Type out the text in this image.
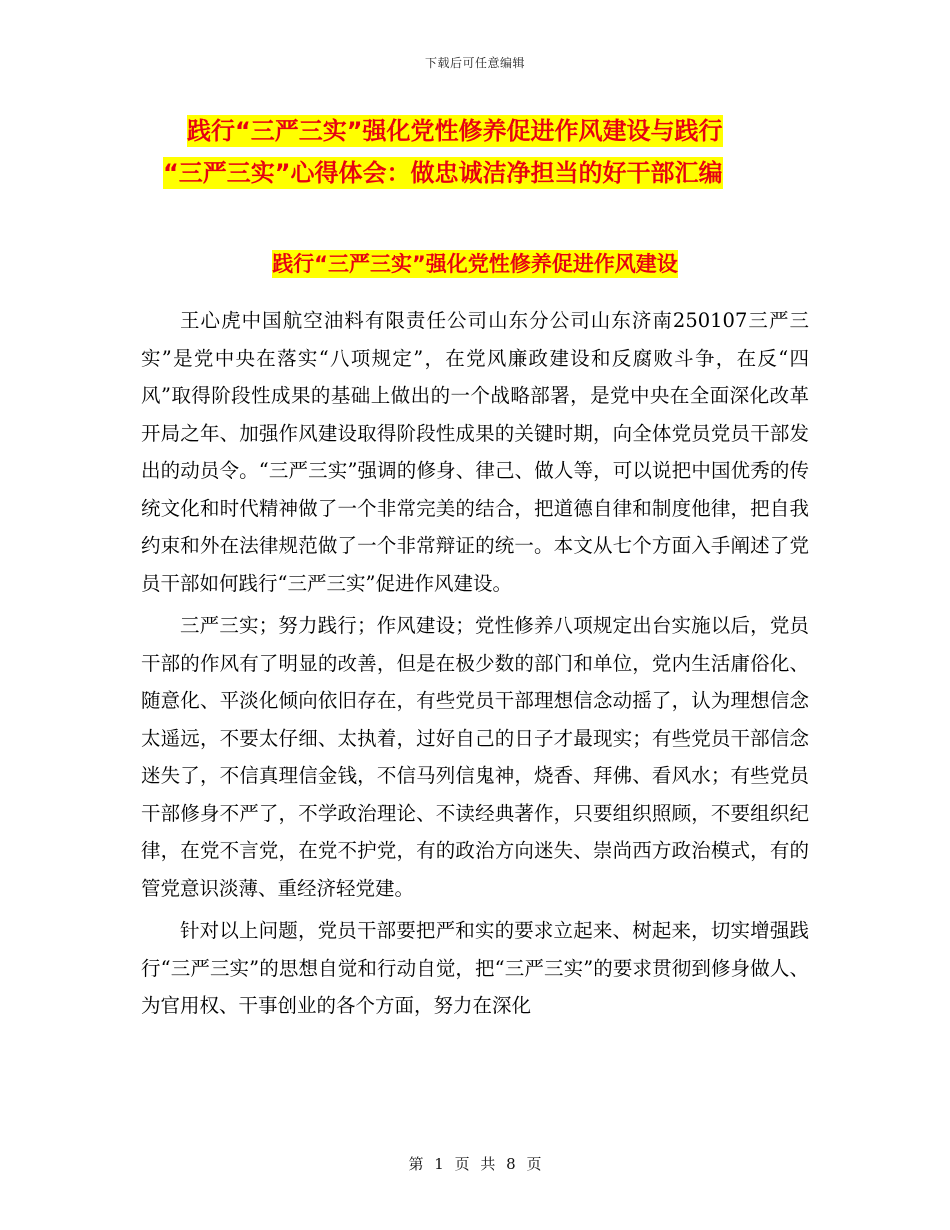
下载后可任意编辑
践行“三严三实”强化党性修养促进作风建设与践行
“三严三实”心得体会：做忠诚洁净担当的好干部汇编
践行“三严三实”强化党性修养促进作风建设

王心虎中国航空油料有限责任公司山东分公司山东济南250107三严三实”是党中央在落实“八项规定”，在党风廉政建设和反腐败斗争，在反“四风”取得阶段性成果的基础上做出的一个战略部署，是党中央在全面深化改革开局之年、加强作风建设取得阶段性成果的关键时期，向全体党员党员干部发出的动员令。“三严三实”强调的修身、律己、做人等，可以说把中国优秀的传统文化和时代精神做了一个非常完美的结合，把道德自律和制度他律，把自我约束和外在法律规范做了一个非常辩证的统一。本文从七个方面入手阐述了党员干部如何践行“三严三实”促进作风建设。

三严三实；努力践行；作风建设；党性修养八项规定出台实施以后，党员干部的作风有了明显的改善，但是在极少数的部门和单位，党内生活庸俗化、随意化、平淡化倾向依旧存在，有些党员干部理想信念动摇了，认为理想信念太遥远，不要太仔细、太执着，过好自己的日子才最现实；有些党员干部信念迷失了，不信真理信金钱，不信马列信鬼神，烧香、拜佛、看风水；有些党员干部修身不严了，不学政治理论、不读经典著作，只要组织照顾，不要组织纪律，在党不言党，在党不护党，有的政治方向迷失、崇尚西方政治模式，有的管党意识淡薄、重经济轻党建。

针对以上问题，党员干部要把严和实的要求立起来、树起来，切实增强践行“三严三实”的思想自觉和行动自觉，把“三严三实”的要求贯彻到修身做人、为官用权、干事创业的各个方面，努力在深化

第 1 页 共 8 页
